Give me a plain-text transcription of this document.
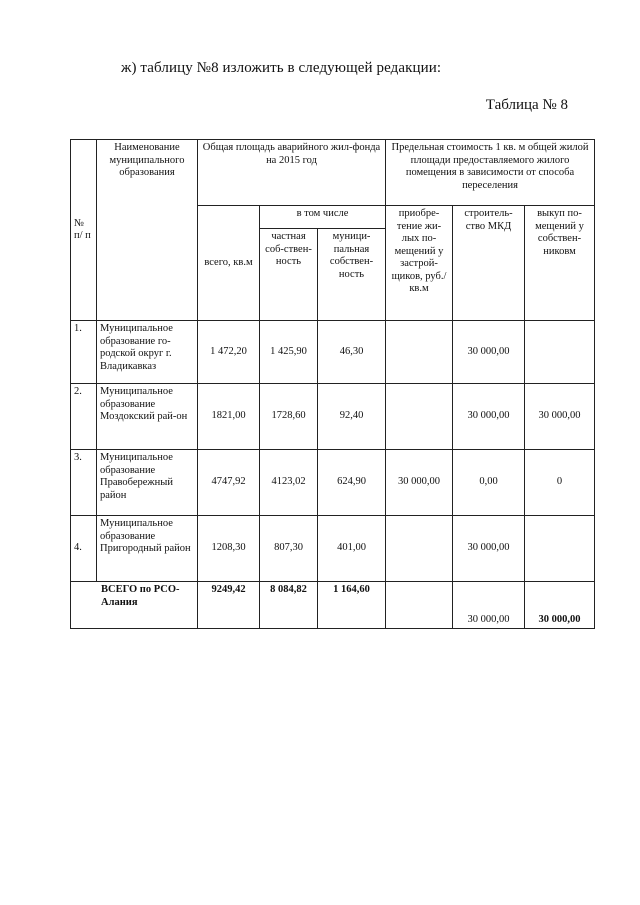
ж) таблицу №8 изложить в следующей редакции:
Таблица № 8
№ п/ п	Наименование муниципального образования	Общая площадь аварийного жил-фонда на 2015 год			Предельная стоимость 1 кв. м общей жилой площади предоставляемого жилого помещения в зависимости от способа переселения		
		всего, кв.м	в том числе		приобре-тение жи-лых по-мещений у застрой-щиков, руб./кв.м	строитель-ство МКД	выкуп по-мещений у собствен-никовм
			частная соб-ствен-ность	муници-пальная собствен-ность			
1.	Муниципальное образование го-родской округ г. Владикавказ	1 472,20	1 425,90	46,30		30 000,00	
2.	Муниципальное образование Моздокский рай-он	1821,00	1728,60	92,40		30 000,00	30 000,00
3.	Муниципальное образование Правобережный район	4747,92	4123,02	624,90	30 000,00	0,00	0
4.	Муниципальное образование Пригородный район	1208,30	807,30	401,00		30 000,00	
ВСЕГО по РСО-Алания		9249,42	8 084,82	1 164,60		30 000,00	30 000,00
